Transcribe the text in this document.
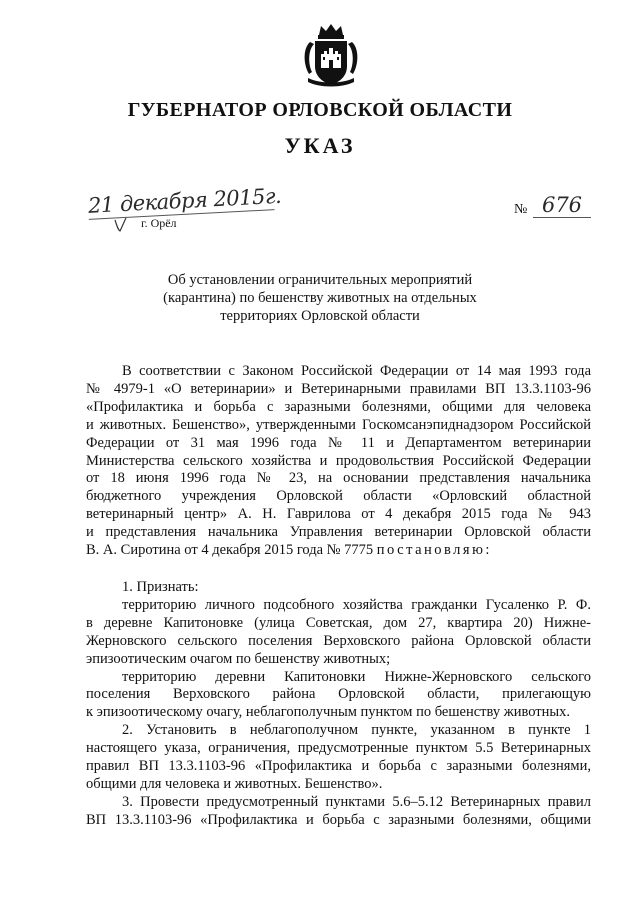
ГУБЕРНАТОР ОРЛОВСКОЙ ОБЛАСТИ
УКАЗ
21 декабря 2015г.
г. Орёл
№ 676
Об установлении ограничительных мероприятий
(карантина) по бешенству животных на отдельных
территориях Орловской области
В соответствии с Законом Российской Федерации от 14 мая 1993 года
№ 4979-1 «О ветеринарии» и Ветеринарными правилами ВП 13.3.1103-96
«Профилактика и борьба с заразными болезнями, общими для человека
и животных. Бешенство», утвержденными Госкомсанэпиднадзором Российской
Федерации от 31 мая 1996 года № 11 и Департаментом ветеринарии
Министерства сельского хозяйства и продовольствия Российской Федерации
от 18 июня 1996 года № 23, на основании представления начальника
бюджетного учреждения Орловской области «Орловский областной
ветеринарный центр» А. Н. Гаврилова от 4 декабря 2015 года № 943
и представления начальника Управления ветеринарии Орловской области
В. А. Сиротина от 4 декабря 2015 года № 7775 постановляю:
1. Признать:
территорию личного подсобного хозяйства гражданки Гусаленко Р. Ф.
в деревне Капитоновке (улица Советская, дом 27, квартира 20) Нижне-
Жерновского сельского поселения Верховского района Орловской области
эпизоотическим очагом по бешенству животных;
территорию деревни Капитоновки Нижне-Жерновского сельского
поселения Верховского района Орловской области, прилегающую
к эпизоотическому очагу, неблагополучным пунктом по бешенству животных.
2. Установить в неблагополучном пункте, указанном в пункте 1
настоящего указа, ограничения, предусмотренные пунктом 5.5 Ветеринарных
правил ВП 13.3.1103-96 «Профилактика и борьба с заразными болезнями,
общими для человека и животных. Бешенство».
3. Провести предусмотренный пунктами 5.6–5.12 Ветеринарных правил
ВП 13.3.1103-96 «Профилактика и борьба с заразными болезнями, общими
